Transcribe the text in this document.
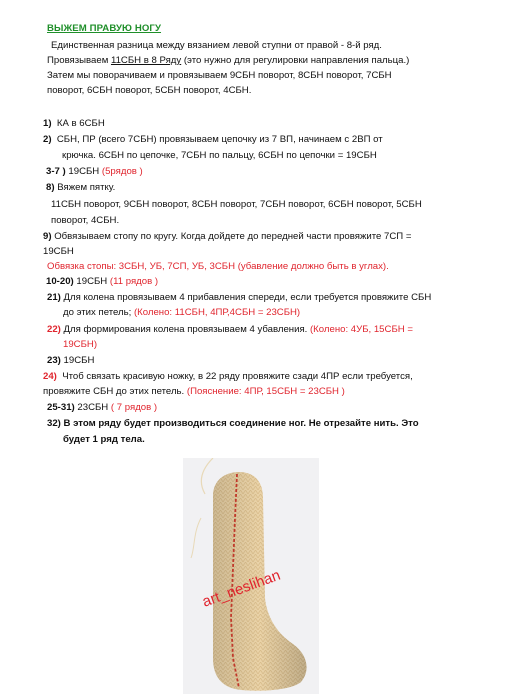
ВЫЖЕМ ПРАВУЮ НОГУ
Единственная разница между вязанием левой ступни от правой - 8-й ряд.
Провязываем 11СБН в 8 Ряду (это нужно для регулировки направления пальца.)
Затем мы поворачиваем и провязываем 9СБН поворот, 8СБН поворот, 7СБН
поворот, 6СБН поворот, 5СБН поворот, 4СБН.
1) КА в 6СБН
2) СБН, ПР (всего 7СБН) провязываем цепочку из 7 ВП, начинаем с 2ВП от
крючка. 6СБН по цепочке, 7СБН по пальцу, 6СБН по цепочки = 19СБН
3-7 ) 19СБН (5рядов )
8) Вяжем пятку.
11СБН поворот, 9СБН поворот, 8СБН поворот, 7СБН поворот, 6СБН поворот, 5СБН
поворот, 4СБН.
9) Обвязываем стопу по кругу. Когда дойдете до передней части провяжите 7СП =
19СБН
Обвязка стопы: 3СБН, УБ, 7СП, УБ, 3СБН (убавление должно быть в углах).
10-20) 19СБН (11 рядов )
21) Для колена провязываем 4 прибавления спереди, если требуется провяжите СБН
до этих петель; (Колено: 11СБН, 4ПР,4СБН = 23СБН)
22) Для формирования колена провязываем 4 убавления. (Колено: 4УБ, 15СБН =
19СБН)
23) 19СБН
24) Чтоб связать красивую ножку, в 22 ряду провяжите сзади 4ПР если требуется,
провяжите СБН до этих петель. (Пояснение: 4ПР, 15СБН = 23СБН )
25-31) 23СБН ( 7 рядов )
32) В этом ряду будет производиться соединение ног. Не отрезайте нить. Это
будет 1 ряд тела.
art_neslihan
